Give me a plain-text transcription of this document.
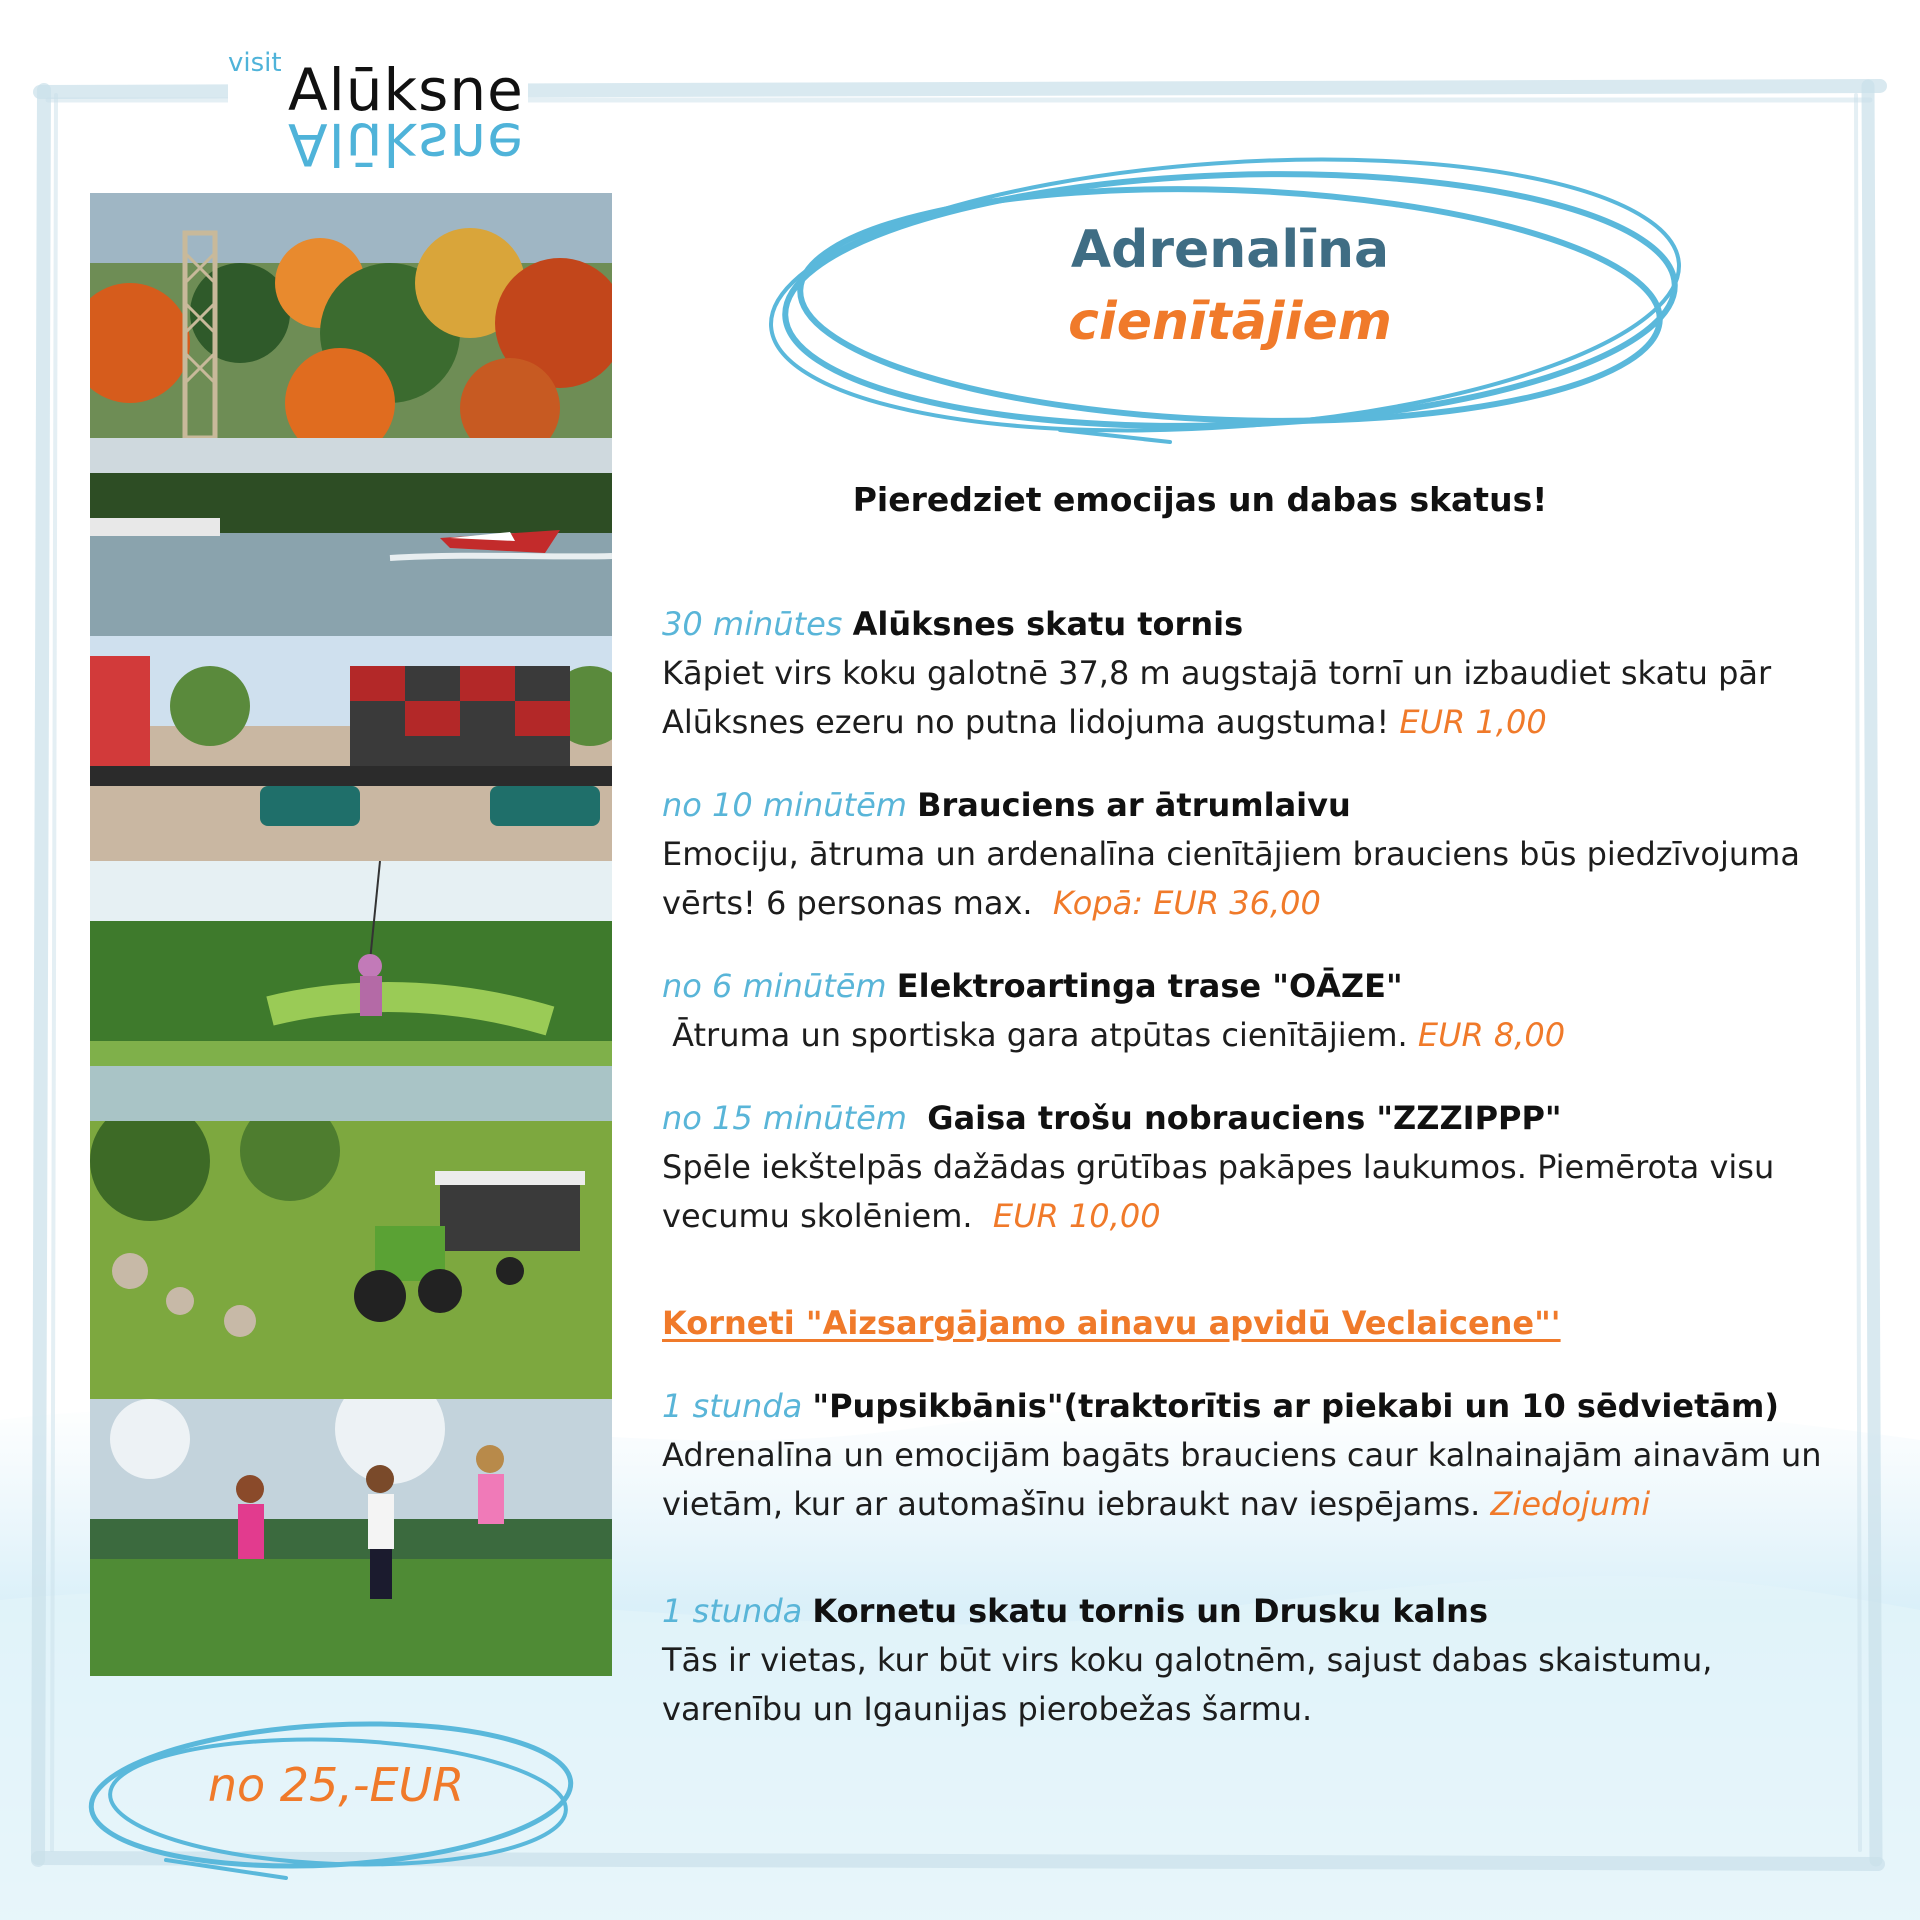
visit Alūksne
Alūksne
Adrenalīna
cienītājiem
Pieredziet emocijas un dabas skatus!
30 minūtes Alūksnes skatu tornis
Kāpiet virs koku galotnē 37,8 m augstajā tornī un izbaudiet skatu pār Alūksnes ezeru no putna lidojuma augstuma! EUR 1,00
no 10 minūtēm Brauciens ar ātrumlaivu
Emociju, ātruma un ardenalīna cienītājiem brauciens būs piedzīvojuma vērts! 6 personas max. Kopā: EUR 36,00
no 6 minūtēm Elektroartinga trase "OĀZE"
Ātruma un sportiska gara atpūtas cienītājiem. EUR 8,00
no 15 minūtēm Gaisa trošu nobrauciens "ZZZIPPP"
Spēle iekštelpās dažādas grūtības pakāpes laukumos. Piemērota visu vecumu skolēniem. EUR 10,00
Korneti "Aizsargājamo ainavu apvidū Veclaicene"'
1 stunda "Pupsikbānis"(traktorītis ar piekabi un 10 sēdvietām)
Adrenalīna un emocijām bagāts brauciens caur kalnainajām ainavām un vietām, kur ar automašīnu iebraukt nav iespējams. Ziedojumi
1 stunda Kornetu skatu tornis un Drusku kalns
Tās ir vietas, kur būt virs koku galotnēm, sajust dabas skaistumu, varenību un Igaunijas pierobežas šarmu.
no 25,-EUR
